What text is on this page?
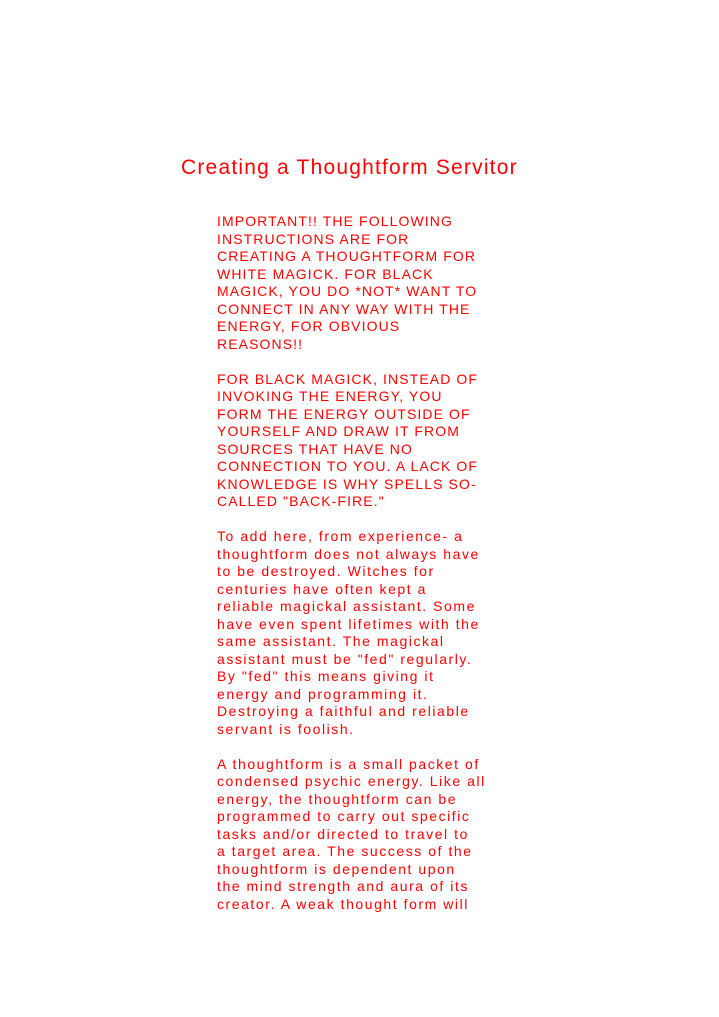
Creating a Thoughtform Servitor
IMPORTANT!! THE FOLLOWING
INSTRUCTIONS ARE FOR
CREATING A THOUGHTFORM FOR
WHITE MAGICK. FOR BLACK
MAGICK, YOU DO *NOT* WANT TO
CONNECT IN ANY WAY WITH THE
ENERGY, FOR OBVIOUS
REASONS!!
FOR BLACK MAGICK, INSTEAD OF
INVOKING THE ENERGY, YOU
FORM THE ENERGY OUTSIDE OF
YOURSELF AND DRAW IT FROM
SOURCES THAT HAVE NO
CONNECTION TO YOU. A LACK OF
KNOWLEDGE IS WHY SPELLS SO-
CALLED "BACK-FIRE."
To add here, from experience- a
thoughtform does not always have
to be destroyed. Witches for
centuries have often kept a
reliable magickal assistant. Some
have even spent lifetimes with the
same assistant. The magickal
assistant must be "fed" regularly.
By "fed" this means giving it
energy and programming it.
Destroying a faithful and reliable
servant is foolish.
A thoughtform is a small packet of
condensed psychic energy. Like all
energy, the thoughtform can be
programmed to carry out specific
tasks and/or directed to travel to
a target area. The success of the
thoughtform is dependent upon
the mind strength and aura of its
creator. A weak thought form will
